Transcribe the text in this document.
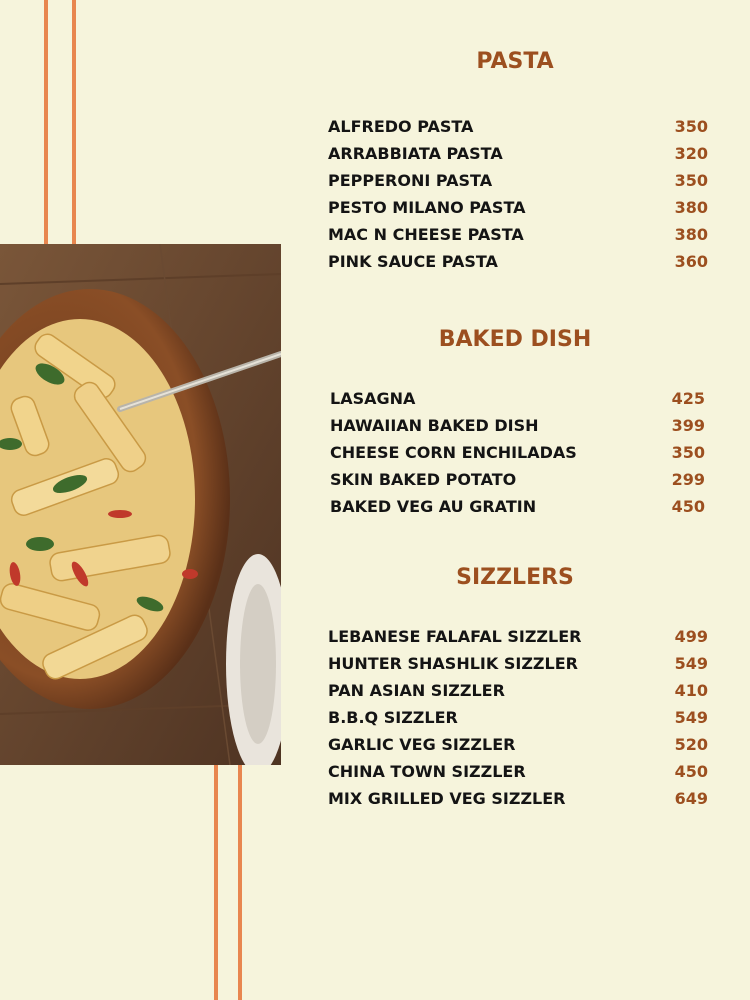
PASTA
BAKED DISH
SIZZLERS
ALFREDO PASTA	350
ARRABBIATA PASTA	320
PEPPERONI PASTA	350
PESTO MILANO PASTA	380
MAC N CHEESE PASTA	380
PINK SAUCE PASTA	360
LASAGNA	425
HAWAIIAN BAKED DISH	399
CHEESE CORN ENCHILADAS	350
SKIN BAKED POTATO	299
BAKED VEG AU GRATIN	450
LEBANESE FALAFAL SIZZLER	499
HUNTER SHASHLIK SIZZLER	549
PAN ASIAN SIZZLER	410
B.B.Q SIZZLER	549
GARLIC VEG SIZZLER	520
CHINA TOWN SIZZLER	450
MIX GRILLED VEG SIZZLER	649
